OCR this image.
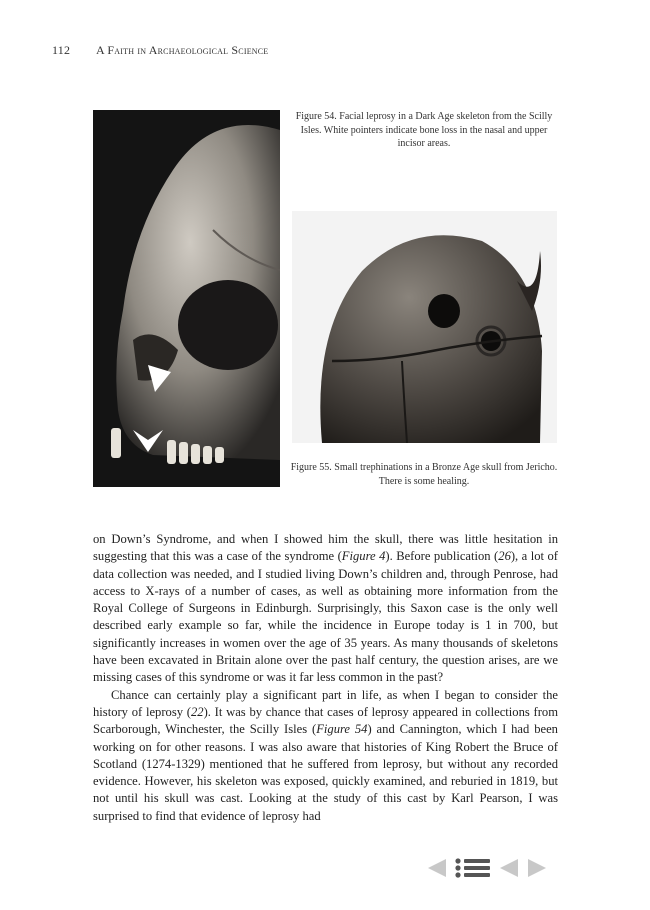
112 A Faith in Archaeological Science
Figure 54. Facial leprosy in a Dark Age skeleton from the Scilly Isles. White pointers indicate bone loss in the nasal and upper incisor areas.
Figure 55. Small trephinations in a Bronze Age skull from Jericho. There is some healing.

on Down’s Syndrome, and when I showed him the skull, there was little hesitation in suggesting that this was a case of the syndrome (Figure 4). Before publication (26), a lot of data collection was needed, and I studied living Down’s children and, through Penrose, had access to X-rays of a number of cases, as well as obtaining more information from the Royal College of Surgeons in Edinburgh. Surprisingly, this Saxon case is the only well described early example so far, while the incidence in Europe today is 1 in 700, but significantly increases in women over the age of 35 years. As many thousands of skeletons have been excavated in Britain alone over the past half century, the question arises, are we missing cases of this syndrome or was it far less common in the past?

Chance can certainly play a significant part in life, as when I began to consider the history of leprosy (22). It was by chance that cases of leprosy appeared in collections from Scarborough, Winchester, the Scilly Isles (Figure 54) and Cannington, which I had been working on for other reasons. I was also aware that histories of King Robert the Bruce of Scotland (1274-1329) mentioned that he suffered from leprosy, but without any recorded evidence. However, his skeleton was exposed, quickly examined, and reburied in 1819, but not until his skull was cast. Looking at the study of this cast by Karl Pearson, I was surprised to find that evidence of leprosy had
